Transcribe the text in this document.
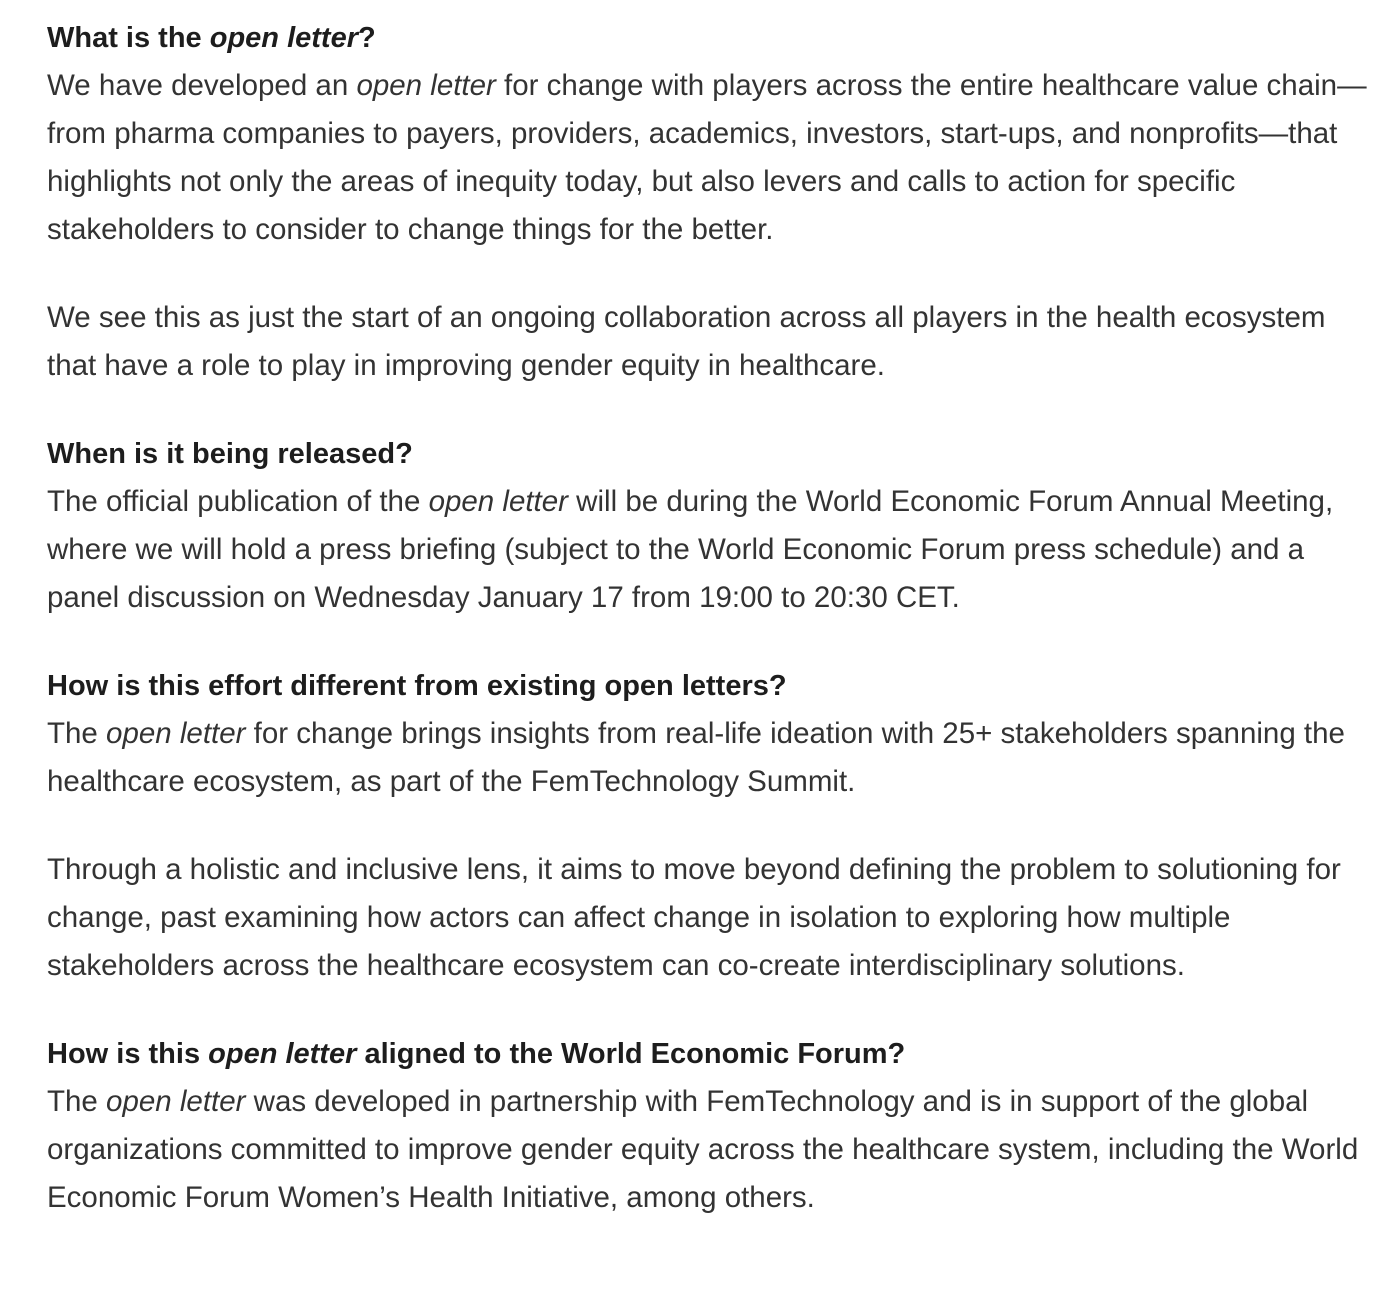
What is the open letter?

We have developed an open letter for change with players across the entire healthcare value chain—from pharma companies to payers, providers, academics, investors, start-ups, and nonprofits—that highlights not only the areas of inequity today, but also levers and calls to action for specific stakeholders to consider to change things for the better.

We see this as just the start of an ongoing collaboration across all players in the health ecosystem that have a role to play in improving gender equity in healthcare.

When is it being released?

The official publication of the open letter will be during the World Economic Forum Annual Meeting, where we will hold a press briefing (subject to the World Economic Forum press schedule) and a panel discussion on Wednesday January 17 from 19:00 to 20:30 CET.

How is this effort different from existing open letters?

The open letter for change brings insights from real-life ideation with 25+ stakeholders spanning the healthcare ecosystem, as part of the FemTechnology Summit.

Through a holistic and inclusive lens, it aims to move beyond defining the problem to solutioning for change, past examining how actors can affect change in isolation to exploring how multiple stakeholders across the healthcare ecosystem can co-create interdisciplinary solutions.

How is this open letter aligned to the World Economic Forum?

The open letter was developed in partnership with FemTechnology and is in support of the global organizations committed to improve gender equity across the healthcare system, including the World Economic Forum Women’s Health Initiative, among others.
